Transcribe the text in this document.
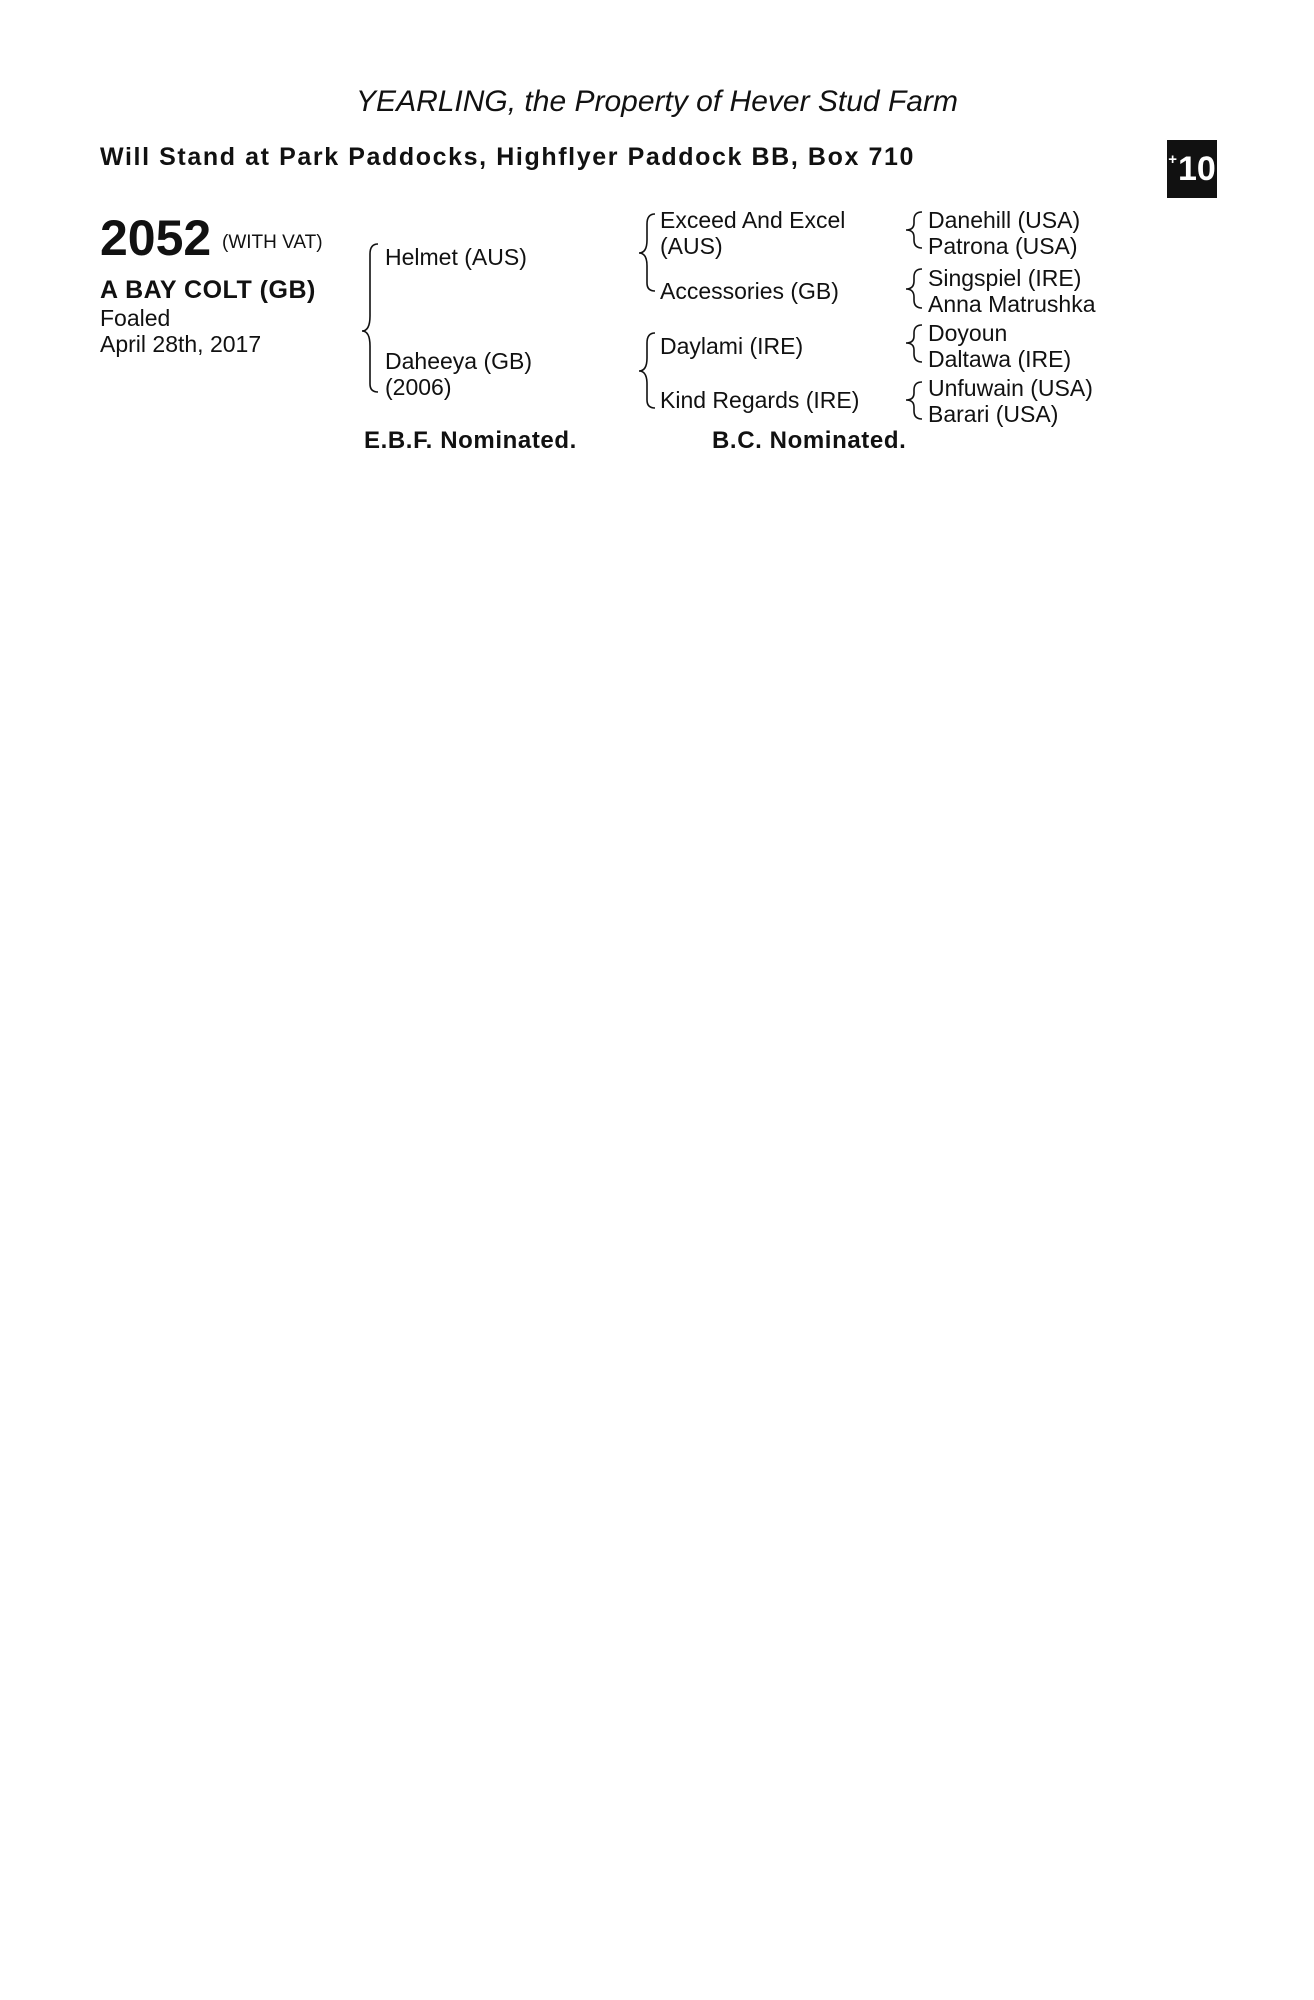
YEARLING, the Property of Hever Stud Farm
Will Stand at Park Paddocks, Highflyer Paddock BB, Box 710	+ 10
2052 (WITH VAT)
A BAY COLT (GB)
Foaled
April 28th, 2017
Helmet (AUS)
Daheeya (GB)
(2006)
Exceed And Excel
(AUS)
Accessories (GB)
Daylami (IRE)
Kind Regards (IRE)
Danehill (USA)
Patrona (USA)
Singspiel (IRE)
Anna Matrushka
Doyoun
Daltawa (IRE)
Unfuwain (USA)
Barari (USA)
E.B.F. Nominated.	B.C. Nominated.
